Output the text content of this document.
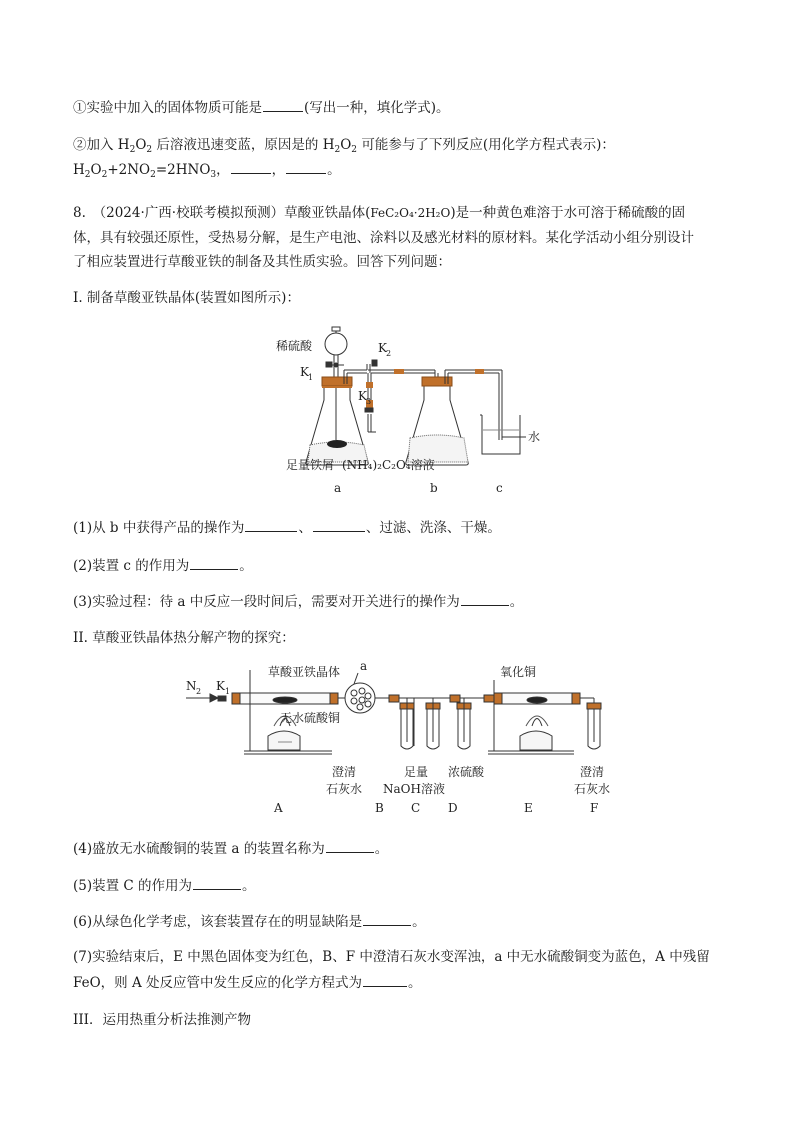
①实验中加入的固体物质可能是	(写出一种，填化学式)。
②加入 $H_2O_2$ 后溶液迅速变蓝，原因是的 $H_2O_2$ 可能参与了下列反应(用化学方程式表示)：
$H_2O_2+2NO_2=2HNO_3$，	，	。
8.　（2024·广西·校联考模拟预测）草酸亚铁晶体(FeC₂O₄·2H₂O)是一种黄色难溶于水可溶于稀硫酸的固
体，具有较强还原性，受热易分解，是生产电池、涂料以及感光材料的原材料。某化学活动小组分别设计
了相应装置进行草酸亚铁的制备及其性质实验。回答下列问题：
I. 制备草酸亚铁晶体(装置如图所示)：
稀硫酸	K 2
K 1
K 3
水
足量铁屑 (NH₄)₂C₂O₄溶液
a	b	c
(1)从 b 中获得产品的操作为	、	、过滤、洗涤、干燥。
(2)装置 c 的作用为	。
(3)实验过程：待 a 中反应一段时间后，需要对开关进行的操作为	。
II. 草酸亚铁晶体热分解产物的探究：
N 2 K 1
草酸亚铁晶体 a
无水硫酸铜
氧化铜
澄清
石灰水
足量
NaOH溶液
浓硫酸	澄清
石灰水
A	B C D	E	F
(4)盛放无水硫酸铜的装置 a 的装置名称为	。
(5)装置 C 的作用为	。
(6)从绿色化学考虑，该套装置存在的明显缺陷是	。
(7)实验结束后，E 中黑色固体变为红色，B、F 中澄清石灰水变浑浊，a 中无水硫酸铜变为蓝色，A 中残留
FeO，则 A 处反应管中发生反应的化学方程式为	。
III．运用热重分析法推测产物
